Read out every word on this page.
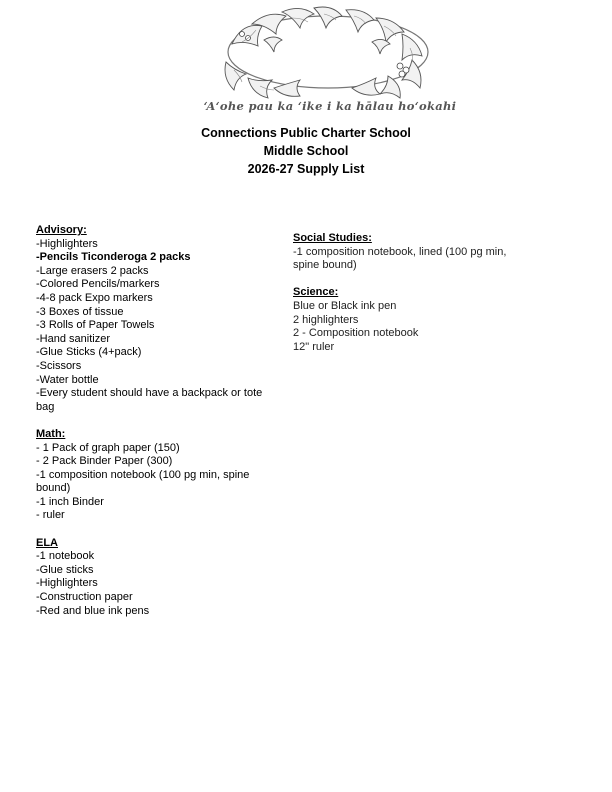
ʻAʻohe pau ka ʻike i ka hālau hoʻokahi
Connections Public Charter School
Middle School
2026-27 Supply List
Advisory:
-Highlighters
-Pencils Ticonderoga 2 packs
-Large erasers 2 packs
-Colored Pencils/markers
-4-8 pack Expo markers
-3 Boxes of tissue
-3 Rolls of Paper Towels
-Hand sanitizer
-Glue Sticks (4+pack)
-Scissors
-Water bottle
-Every student should have a backpack or tote bag
Math:
- 1 Pack of graph paper (150)
- 2 Pack Binder Paper (300)
-1 composition notebook (100 pg min, spine bound)
-1 inch Binder
- ruler
ELA
-1 notebook
-Glue sticks
-Highlighters
-Construction paper
-Red and blue ink pens
Social Studies:
-1 composition notebook, lined (100 pg min, spine bound)
Science:
Blue or Black ink pen
2 highlighters
2 - Composition notebook
12" ruler
